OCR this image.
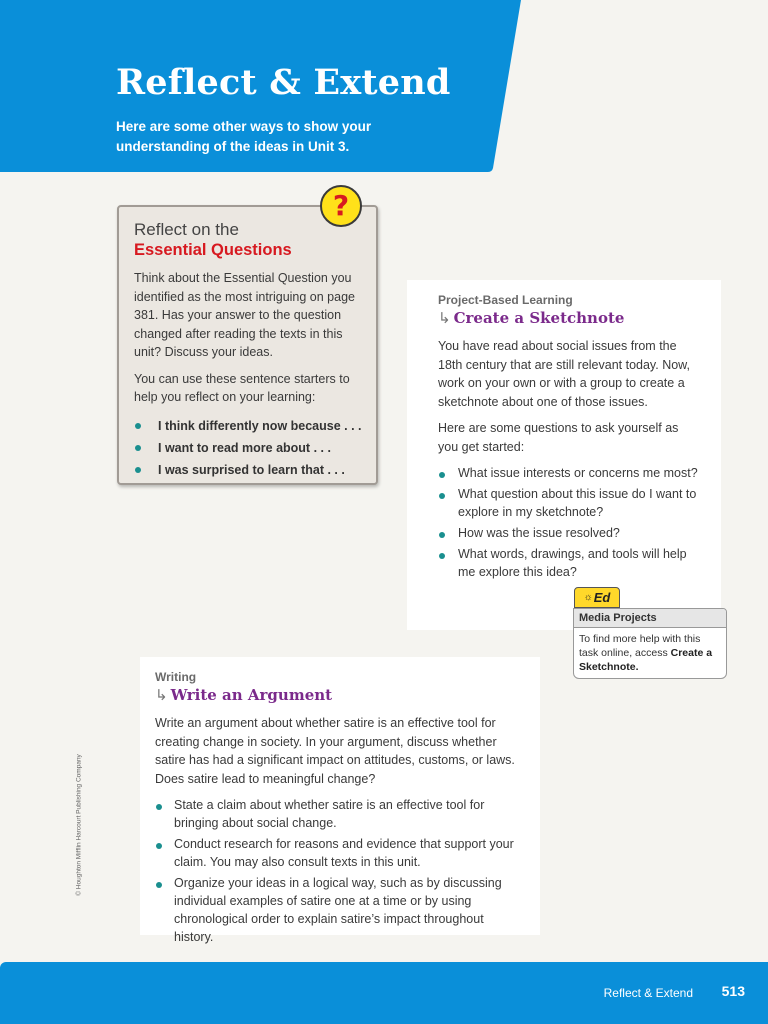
Reflect & Extend
Here are some other ways to show your understanding of the ideas in Unit 3.
Reflect on the
Essential Questions

Think about the Essential Question you identified as the most intriguing on page 381. Has your answer to the question changed after reading the texts in this unit? Discuss your ideas.

You can use these sentence starters to help you reflect on your learning:

I think differently now because . . .
I want to read more about . . .
I was surprised to learn that . . .
?
Project-Based Learning
↳ Create a Sketchnote

You have read about social issues from the 18th century that are still relevant today. Now, work on your own or with a group to create a sketchnote about one of those issues.

Here are some questions to ask yourself as you get started:

What issue interests or concerns me most?
What question about this issue do I want to explore in my sketchnote?
How was the issue resolved?
What words, drawings, and tools will help me explore this idea?
☼ Ed
Media Projects
To find more help with this task online, access Create a Sketchnote.
Writing
↳ Write an Argument

Write an argument about whether satire is an effective tool for creating change in society. In your argument, discuss whether satire has had a significant impact on attitudes, customs, or laws. Does satire lead to meaningful change?

State a claim about whether satire is an effective tool for bringing about social change.
Conduct research for reasons and evidence that support your claim. You may also consult texts in this unit.
Organize your ideas in a logical way, such as by discussing individual examples of satire one at a time or by using chronological order to explain satire’s impact throughout history.
© Houghton Mifflin Harcourt Publishing Company
Reflect & Extend 513
